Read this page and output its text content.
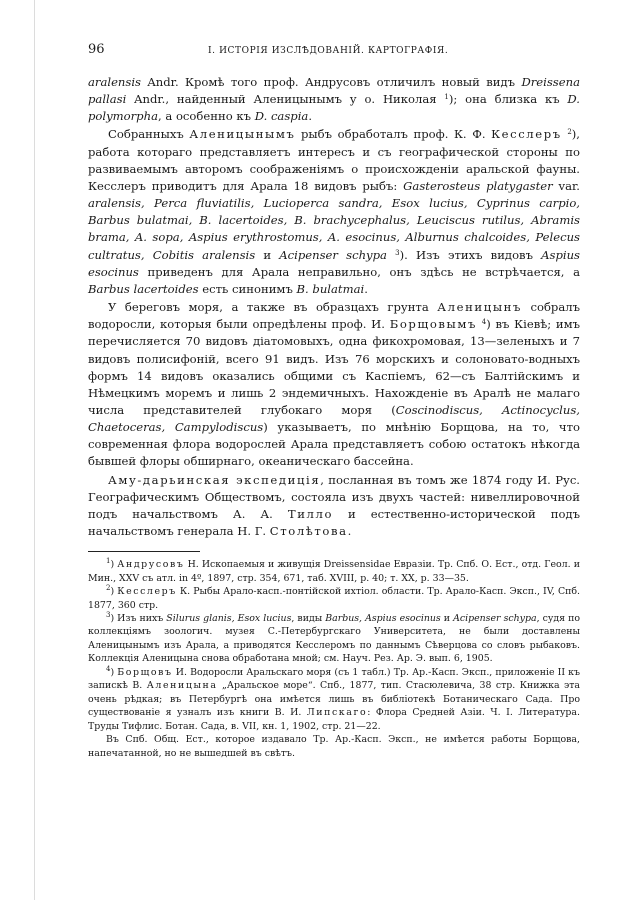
96	I. ИСТОРІЯ ИЗСЛѢДОВАНІЙ. КАРТОГРАФІЯ.

aralensis Andr. Кромѣ того проф. Андрусовъ отличилъ новый видъ Dreissena pallasi Andr., найденный Аленицынымъ у о. Николая $^1$); она близка къ D. polymorpha, а особенно къ D. caspia.

Собранныхъ Аленицынымъ рыбъ обработалъ проф. К. Ф. Кесслеръ $^2$), работа котораго представляетъ интересъ и съ географической стороны по развиваемымъ авторомъ соображеніямъ о происхожденіи аральской фауны. Кесслеръ приводитъ для Арала 18 видовъ рыбъ: Gasterosteus platygaster var. aralensis, Perca fluviatilis, Lucioperca sandra, Esox lucius, Cyprinus carpio, Barbus bulatmai, B. lacertoides, B. brachycephalus, Leuciscus rutilus, Abramis brama, A. sopa, Aspius erythrostomus, A. esocinus, Alburnus chalcoides, Pelecus cultratus, Cobitis aralensis и Acipenser schypa $^3$). Изъ этихъ видовъ Aspius esocinus приведенъ для Арала неправильно, онъ здѣсь не встрѣчается, а Barbus lacertoides есть синонимъ B. bulatmai.

У береговъ моря, а также въ образцахъ грунта Аленицынъ собралъ водоросли, которыя были опредѣлены проф. И. Борщовымъ $^4$) въ Кіевѣ; имъ перечисляется 70 видовъ діатомовыхъ, одна фикохромовая, 13—зеленыхъ и 7 видовъ полисифоній, всего 91 видъ. Изъ 76 морскихъ и солоновато-водныхъ формъ 14 видовъ оказались общими съ Каспіемъ, 62—съ Балтійскимъ и Нѣмецкимъ моремъ и лишь 2 эндемичныхъ. Нахожденіе въ Аралѣ не малаго числа представителей глубокаго моря (Coscinodiscus, Actinocyclus, Chaetoceras, Campylodiscus) указываетъ, по мнѣнію Борщова, на то, что современная флора водорослей Арала представляетъ собою остатокъ нѣкогда бывшей флоры обширнаго, океаническаго бассейна.

Аму-дарьинская экспедиція, посланная въ томъ же 1874 году И. Рус. Географическимъ Обществомъ, состояла изъ двухъ частей: нивеллировочной подъ начальствомъ А. А. Тилло и естественно-исторической подъ начальствомъ генерала Н. Г. Столѣтова.

$^1$) Андрусовъ Н. Ископаемыя и живущія Dreissensidae Евразіи. Тр. Спб. О. Ест., отд. Геол. и Мин., XXV съ атл. in 4º, 1897, стр. 354, 671, таб. XVIII, р. 40; т. XX, р. 33—35.

$^2$) Кесслеръ К. Рыбы Арало-касп.-понтійской ихтіол. области. Тр. Арало-Касп. Эксп., IV, Спб. 1877, 360 стр.

$^3$) Изъ нихъ Silurus glanis, Esox lucius, виды Barbus, Aspius esocinus и Acipenser schypa, судя по коллекціямъ зоологич. музея С.-Петербургскаго Университета, не были доставлены Аленицынымъ изъ Арала, а приводятся Кесслеромъ по даннымъ Сѣверцова со словъ рыбаковъ. Коллекція Аленицына снова обработана мной; см. Науч. Рез. Ар. Э. вып. 6, 1905.

$^4$) Борщовъ И. Водоросли Аральскаго моря (съ 1 табл.) Тр. Ар.-Касп. Эксп., приложеніе II къ запискѣ В. Аленицына „Аральское море“. Спб., 1877, тип. Стасюлевича, 38 стр. Книжка эта очень рѣдкая; въ Петербургѣ она имѣется лишь въ библіотекѣ Ботаническаго Сада. Про существованіе я узналъ изъ книги В. И. Липскаго: Флора Средней Азіи. Ч. I. Литература. Труды Тифлис. Ботан. Сада, в. VII, кн. 1, 1902, стр. 21—22.

Въ Спб. Общ. Ест., которое издавало Тр. Ар.-Касп. Эксп., не имѣется работы Борщова, напечатанной, но не вышедшей въ свѣтъ.
